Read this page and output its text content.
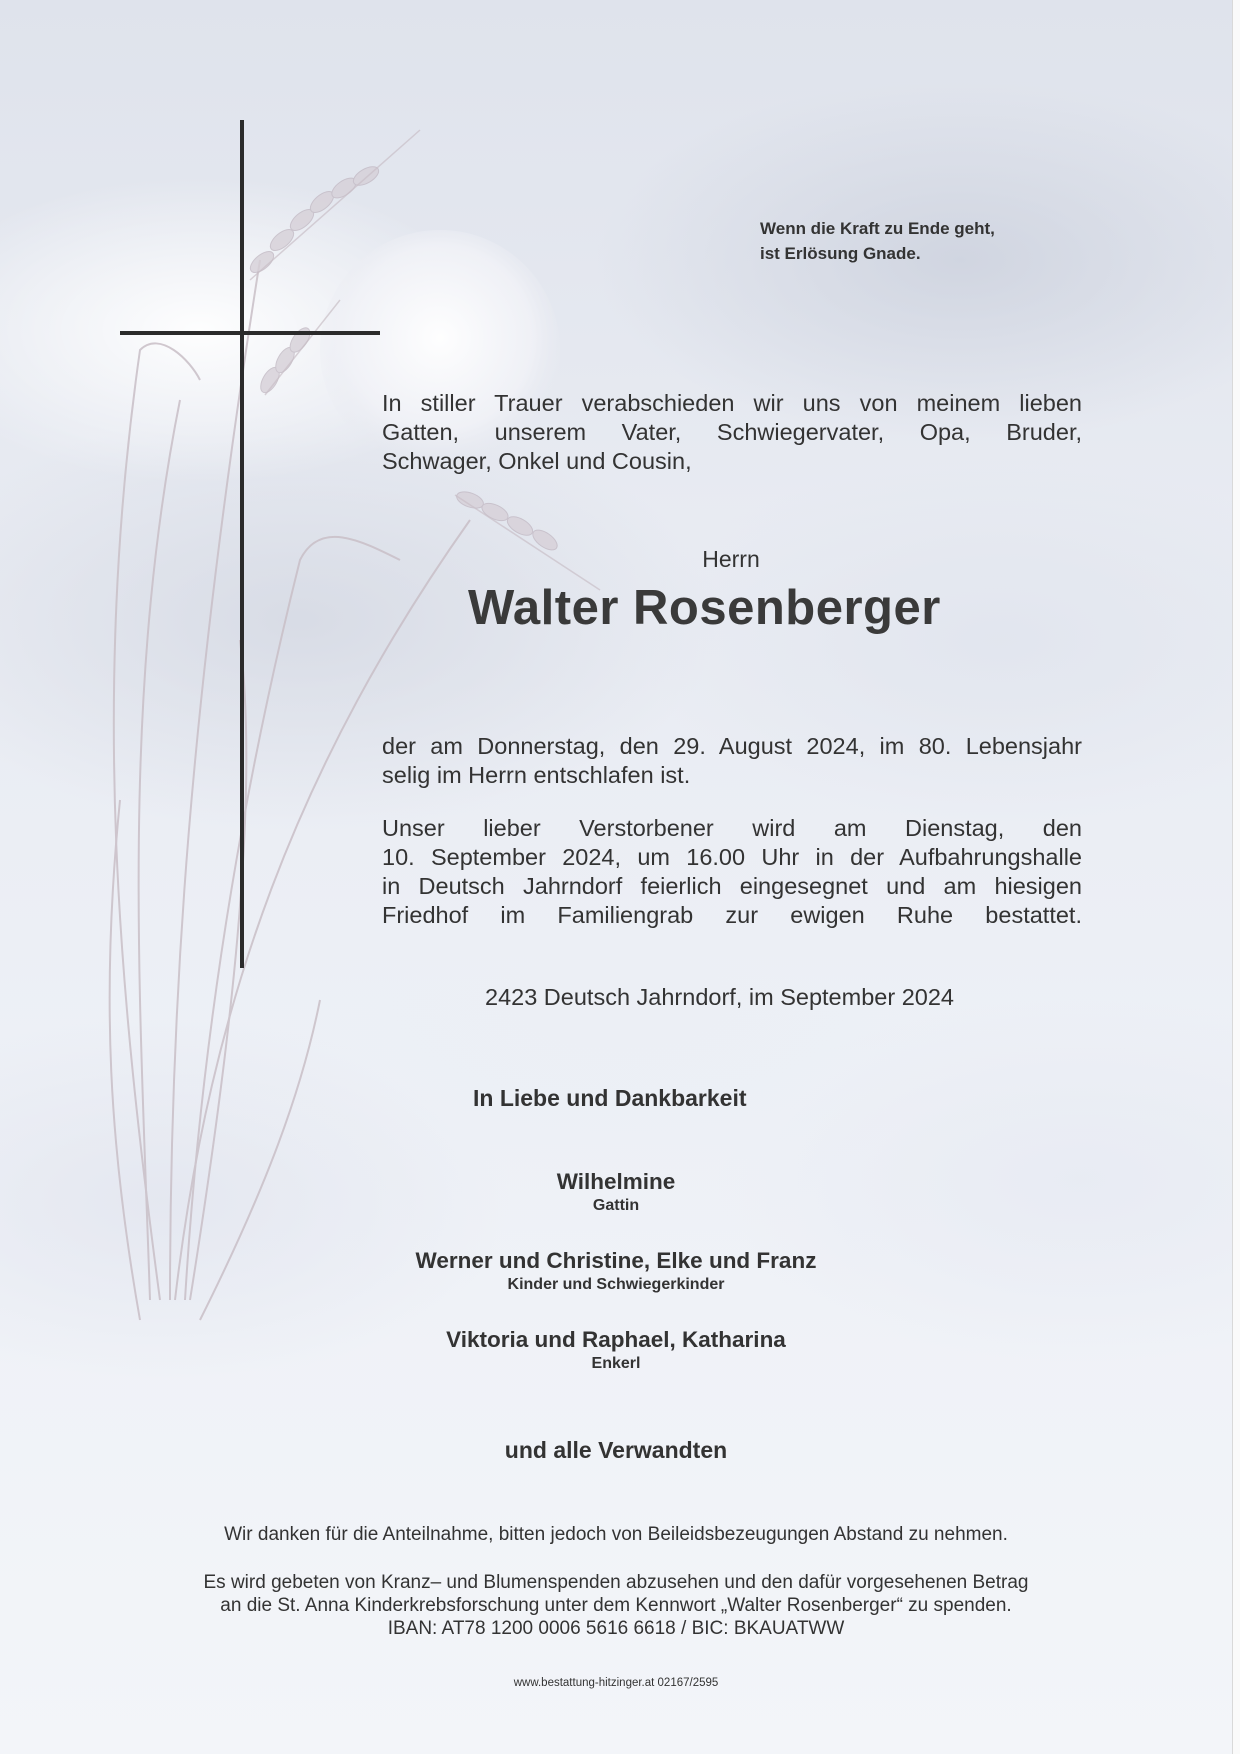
Wenn die Kraft zu Ende geht,
ist Erlösung Gnade.
In stiller Trauer verabschieden wir uns von meinem lieben
Gatten, unserem Vater, Schwiegervater, Opa, Bruder,
Schwager, Onkel und Cousin,
Herrn
Walter Rosenberger
der am Donnerstag, den 29. August 2024, im 80. Lebensjahr
selig im Herrn entschlafen ist.
Unser lieber Verstorbener wird am Dienstag, den
10. September 2024, um 16.00 Uhr in der Aufbahrungshalle
in Deutsch Jahrndorf feierlich eingesegnet und am hiesigen
Friedhof im Familiengrab zur ewigen Ruhe bestattet.
2423 Deutsch Jahrndorf, im September 2024
In Liebe und Dankbarkeit
Wilhelmine
Gattin
Werner und Christine, Elke und Franz
Kinder und Schwiegerkinder
Viktoria und Raphael, Katharina
Enkerl
und alle Verwandten
Wir danken für die Anteilnahme, bitten jedoch von Beileidsbezeugungen Abstand zu nehmen.
Es wird gebeten von Kranz– und Blumenspenden abzusehen und den dafür vorgesehenen Betrag
an die St. Anna Kinderkrebsforschung unter dem Kennwort „Walter Rosenberger“ zu spenden.
IBAN: AT78 1200 0006 5616 6618 / BIC: BKAUATWW
www.bestattung-hitzinger.at 02167/2595
